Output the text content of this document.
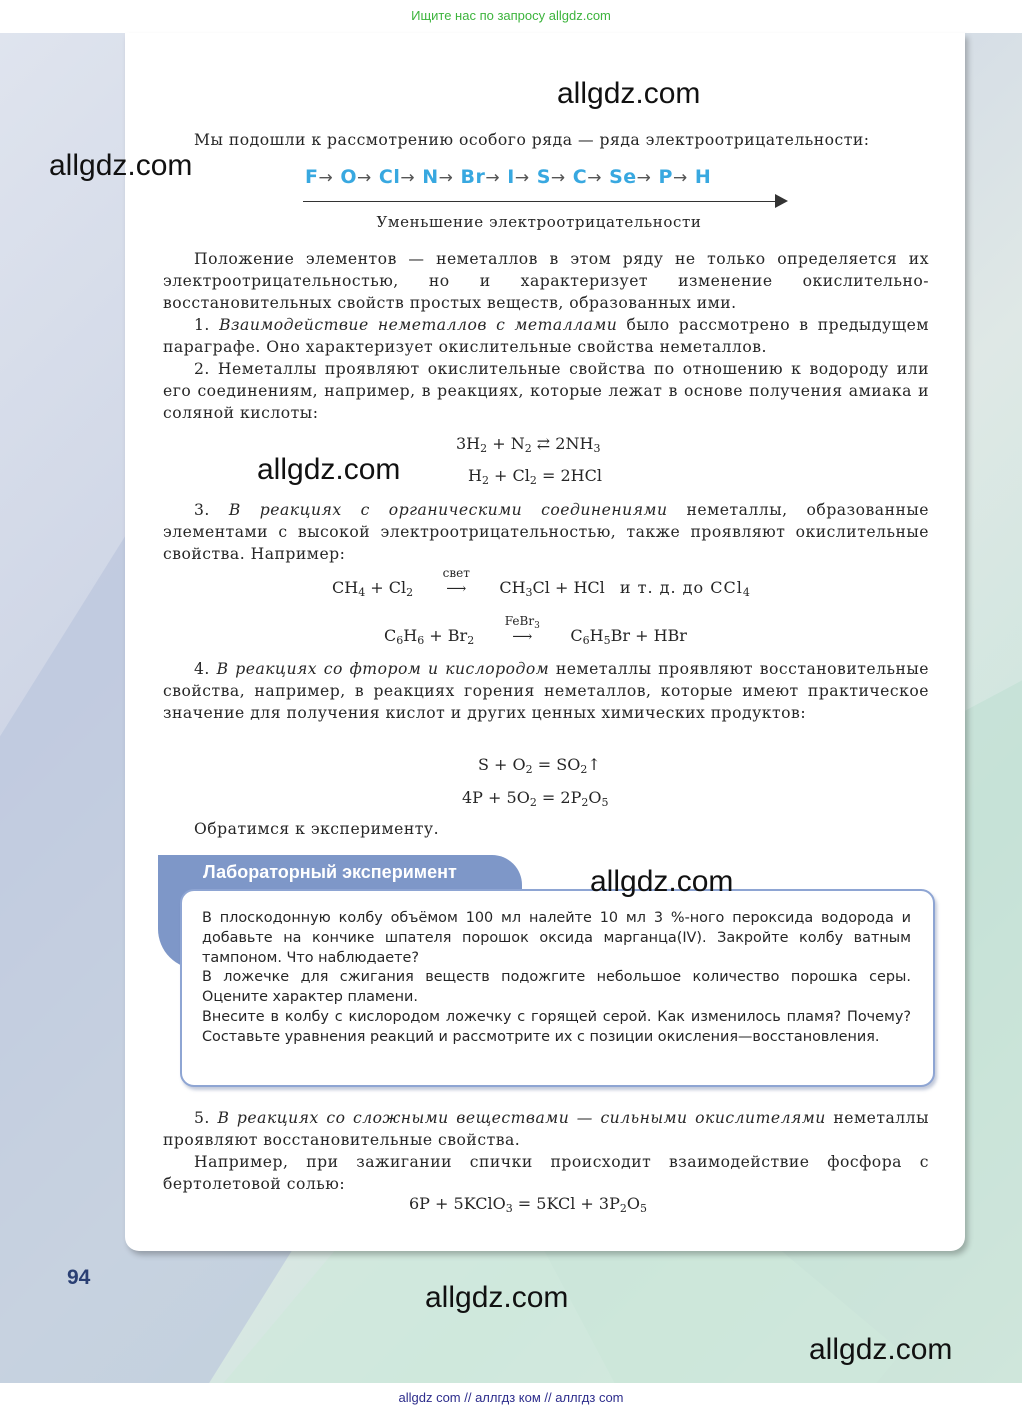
Ищите нас по запросу allgdz.com
Мы подошли к рассмотрению особого ряда — ряда электроотрицательности:
F→ O→ Cl→ N→ Br→ I→ S→ C→ Se→ P→ H
Уменьшение электроотрицательности
Положение элементов — неметаллов в этом ряду не только определяется их электроотрицательностью, но и характеризует изменение окислительно-восстановительных свойств простых веществ, образованных ими.
1. Взаимодействие неметаллов с металлами было рассмотрено в предыдущем параграфе. Оно характеризует окислительные свойства неметаллов.
2. Неметаллы проявляют окислительные свойства по отношению к водороду или его соединениям, например, в реакциях, которые лежат в основе получения амиака и соляной кислоты:
$3H_2 + N_2$ ⇄ $2NH_3$
$H_2 + Cl_2 = 2HCl$
3. В реакциях с органическими соединениями неметаллы, образованные элементами с высокой электроотрицательностью, также проявляют окислительные свойства. Например:
$CH_4 + Cl_2$
свет
⟶ $CH_3Cl$ + HCl и т. д. до CCl$_4$
$C_6H_6 + Br_2$
FeBr$_3$
⟶ $C_6H_5Br$ + HBr
4. В реакциях со фтором и кислородом неметаллы проявляют восстановительные свойства, например, в реакциях горения неметаллов, которые имеют практическое значение для получения кислот и других ценных химических продуктов:
$S + O_2$ = $SO_2↑$
$4P + 5O_2 = 2P_2O_5$
Обратимся к эксперименту.
Лабораторный эксперимент

В плоскодонную колбу объёмом 100 мл налейте 10 мл 3 %-ного пероксида водорода и добавьте на кончике шпателя порошок оксида марганца(IV). Закройте колбу ватным тампоном. Что наблюдаете?

В ложечке для сжигания веществ подожгите небольшое количество порошка серы. Оцените характер пламени.

Внесите в колбу с кислородом ложечку с горящей серой. Как изменилось пламя? Почему? Составьте уравнения реакций и рассмотрите их с позиции окисления—восстановления.

5. В реакциях со сложными веществами — сильными окислителями неметаллы проявляют восстановительные свойства.
Например, при зажигании спички происходит взаимодействие фосфора с бертолетовой солью:
6P + 5KClO$_3$ = $5KCl + 3P_2O_5$
94
allgdz.com
allgdz.com
allgdz.com
allgdz.com
allgdz.com
allgdz.com
allgdz com // аллгдз ком // аллгдз com
